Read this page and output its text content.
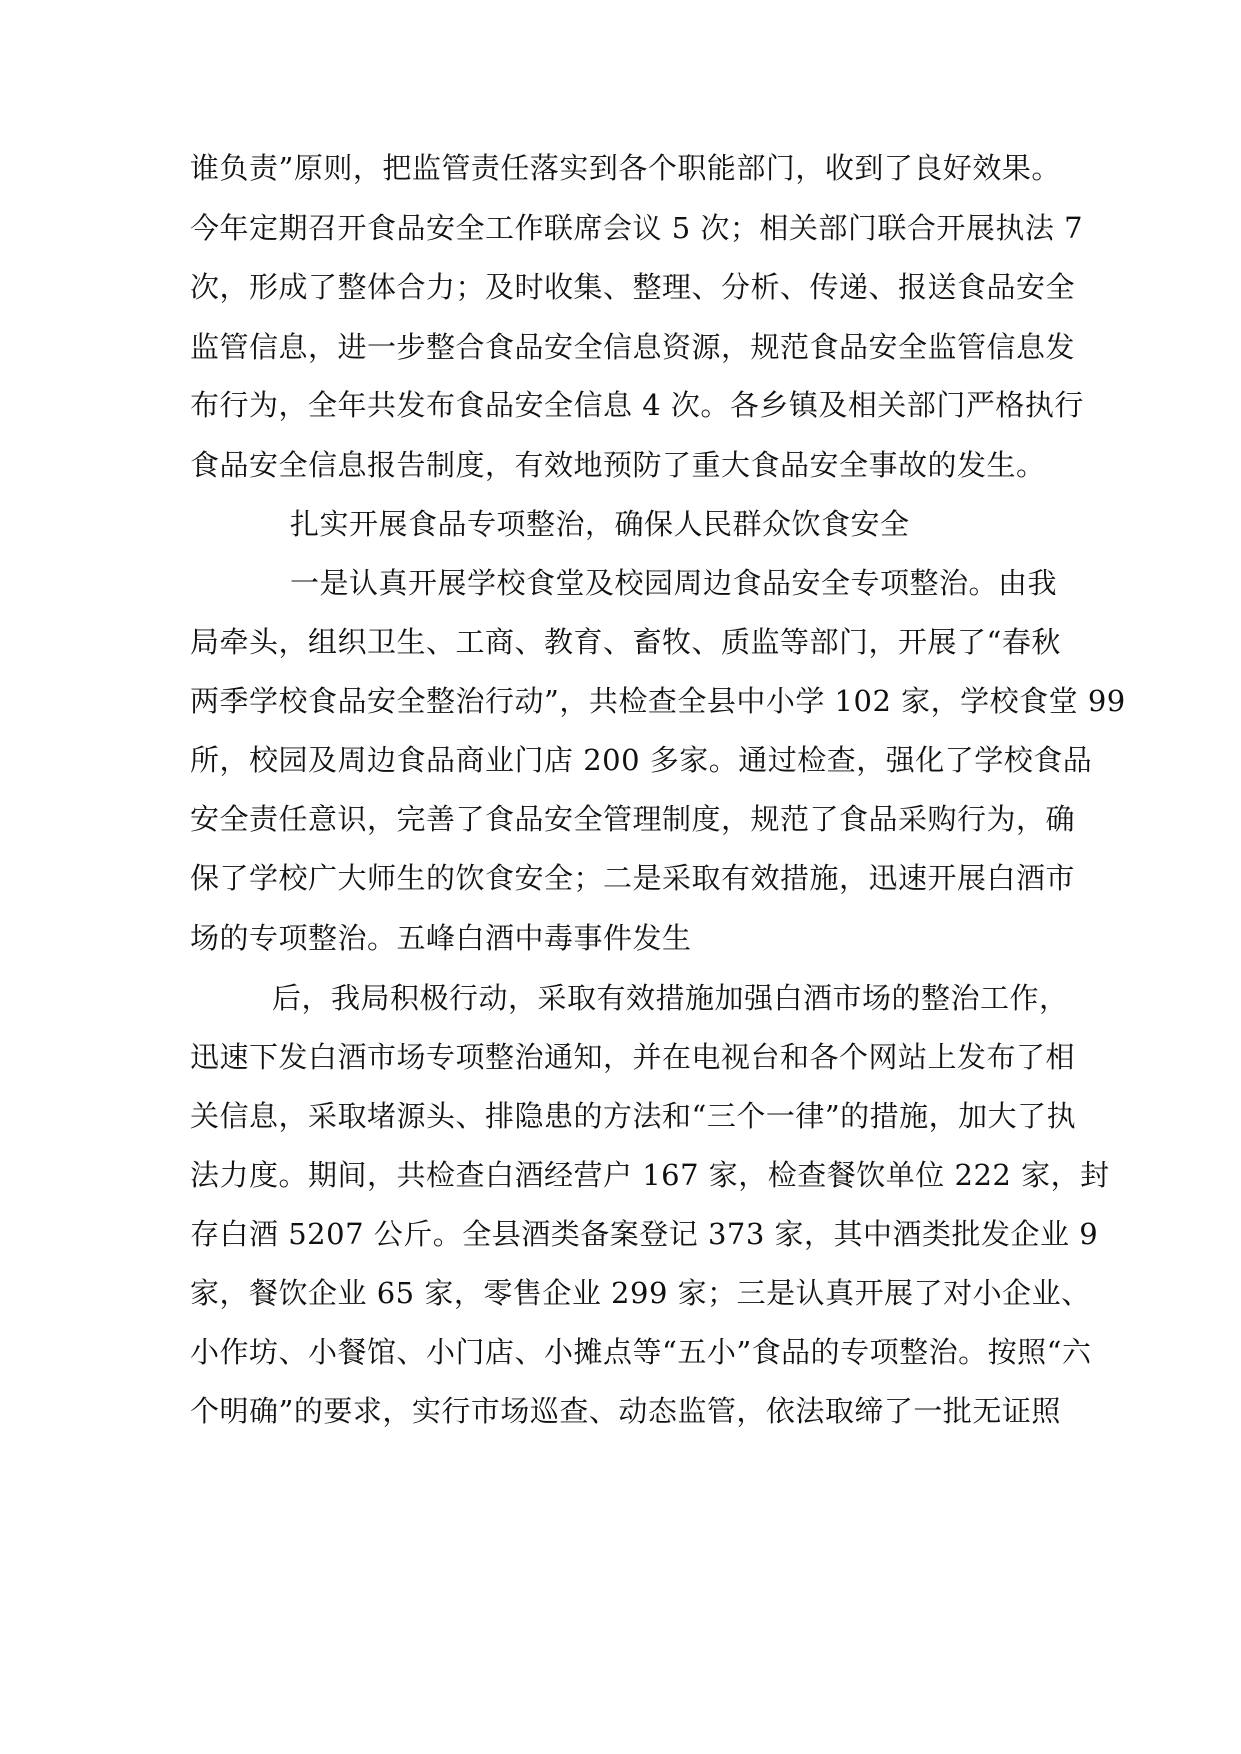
谁负责”原则，把监管责任落实到各个职能部门，收到了良好效果。
今年定期召开食品安全工作联席会议 5 次；相关部门联合开展执法 7
次，形成了整体合力；及时收集、整理、分析、传递、报送食品安全
监管信息，进一步整合食品安全信息资源，规范食品安全监管信息发
布行为，全年共发布食品安全信息 4 次。各乡镇及相关部门严格执行
食品安全信息报告制度，有效地预防了重大食品安全事故的发生。
扎实开展食品专项整治，确保人民群众饮食安全
一是认真开展学校食堂及校园周边食品安全专项整治。由我
局牵头，组织卫生、工商、教育、畜牧、质监等部门，开展了“春秋
两季学校食品安全整治行动”，共检查全县中小学 102 家，学校食堂 99
所，校园及周边食品商业门店 200 多家。通过检查，强化了学校食品
安全责任意识，完善了食品安全管理制度，规范了食品采购行为，确
保了学校广大师生的饮食安全；二是采取有效措施，迅速开展白酒市
场的专项整治。五峰白酒中毒事件发生
后，我局积极行动，采取有效措施加强白酒市场的整治工作，
迅速下发白酒市场专项整治通知，并在电视台和各个网站上发布了相
关信息，采取堵源头、排隐患的方法和“三个一律”的措施，加大了执
法力度。期间，共检查白酒经营户 167 家，检查餐饮单位 222 家，封
存白酒 5207 公斤。全县酒类备案登记 373 家，其中酒类批发企业 9
家，餐饮企业 65 家，零售企业 299 家；三是认真开展了对小企业、
小作坊、小餐馆、小门店、小摊点等“五小”食品的专项整治。按照“六
个明确”的要求，实行市场巡查、动态监管，依法取缔了一批无证照
